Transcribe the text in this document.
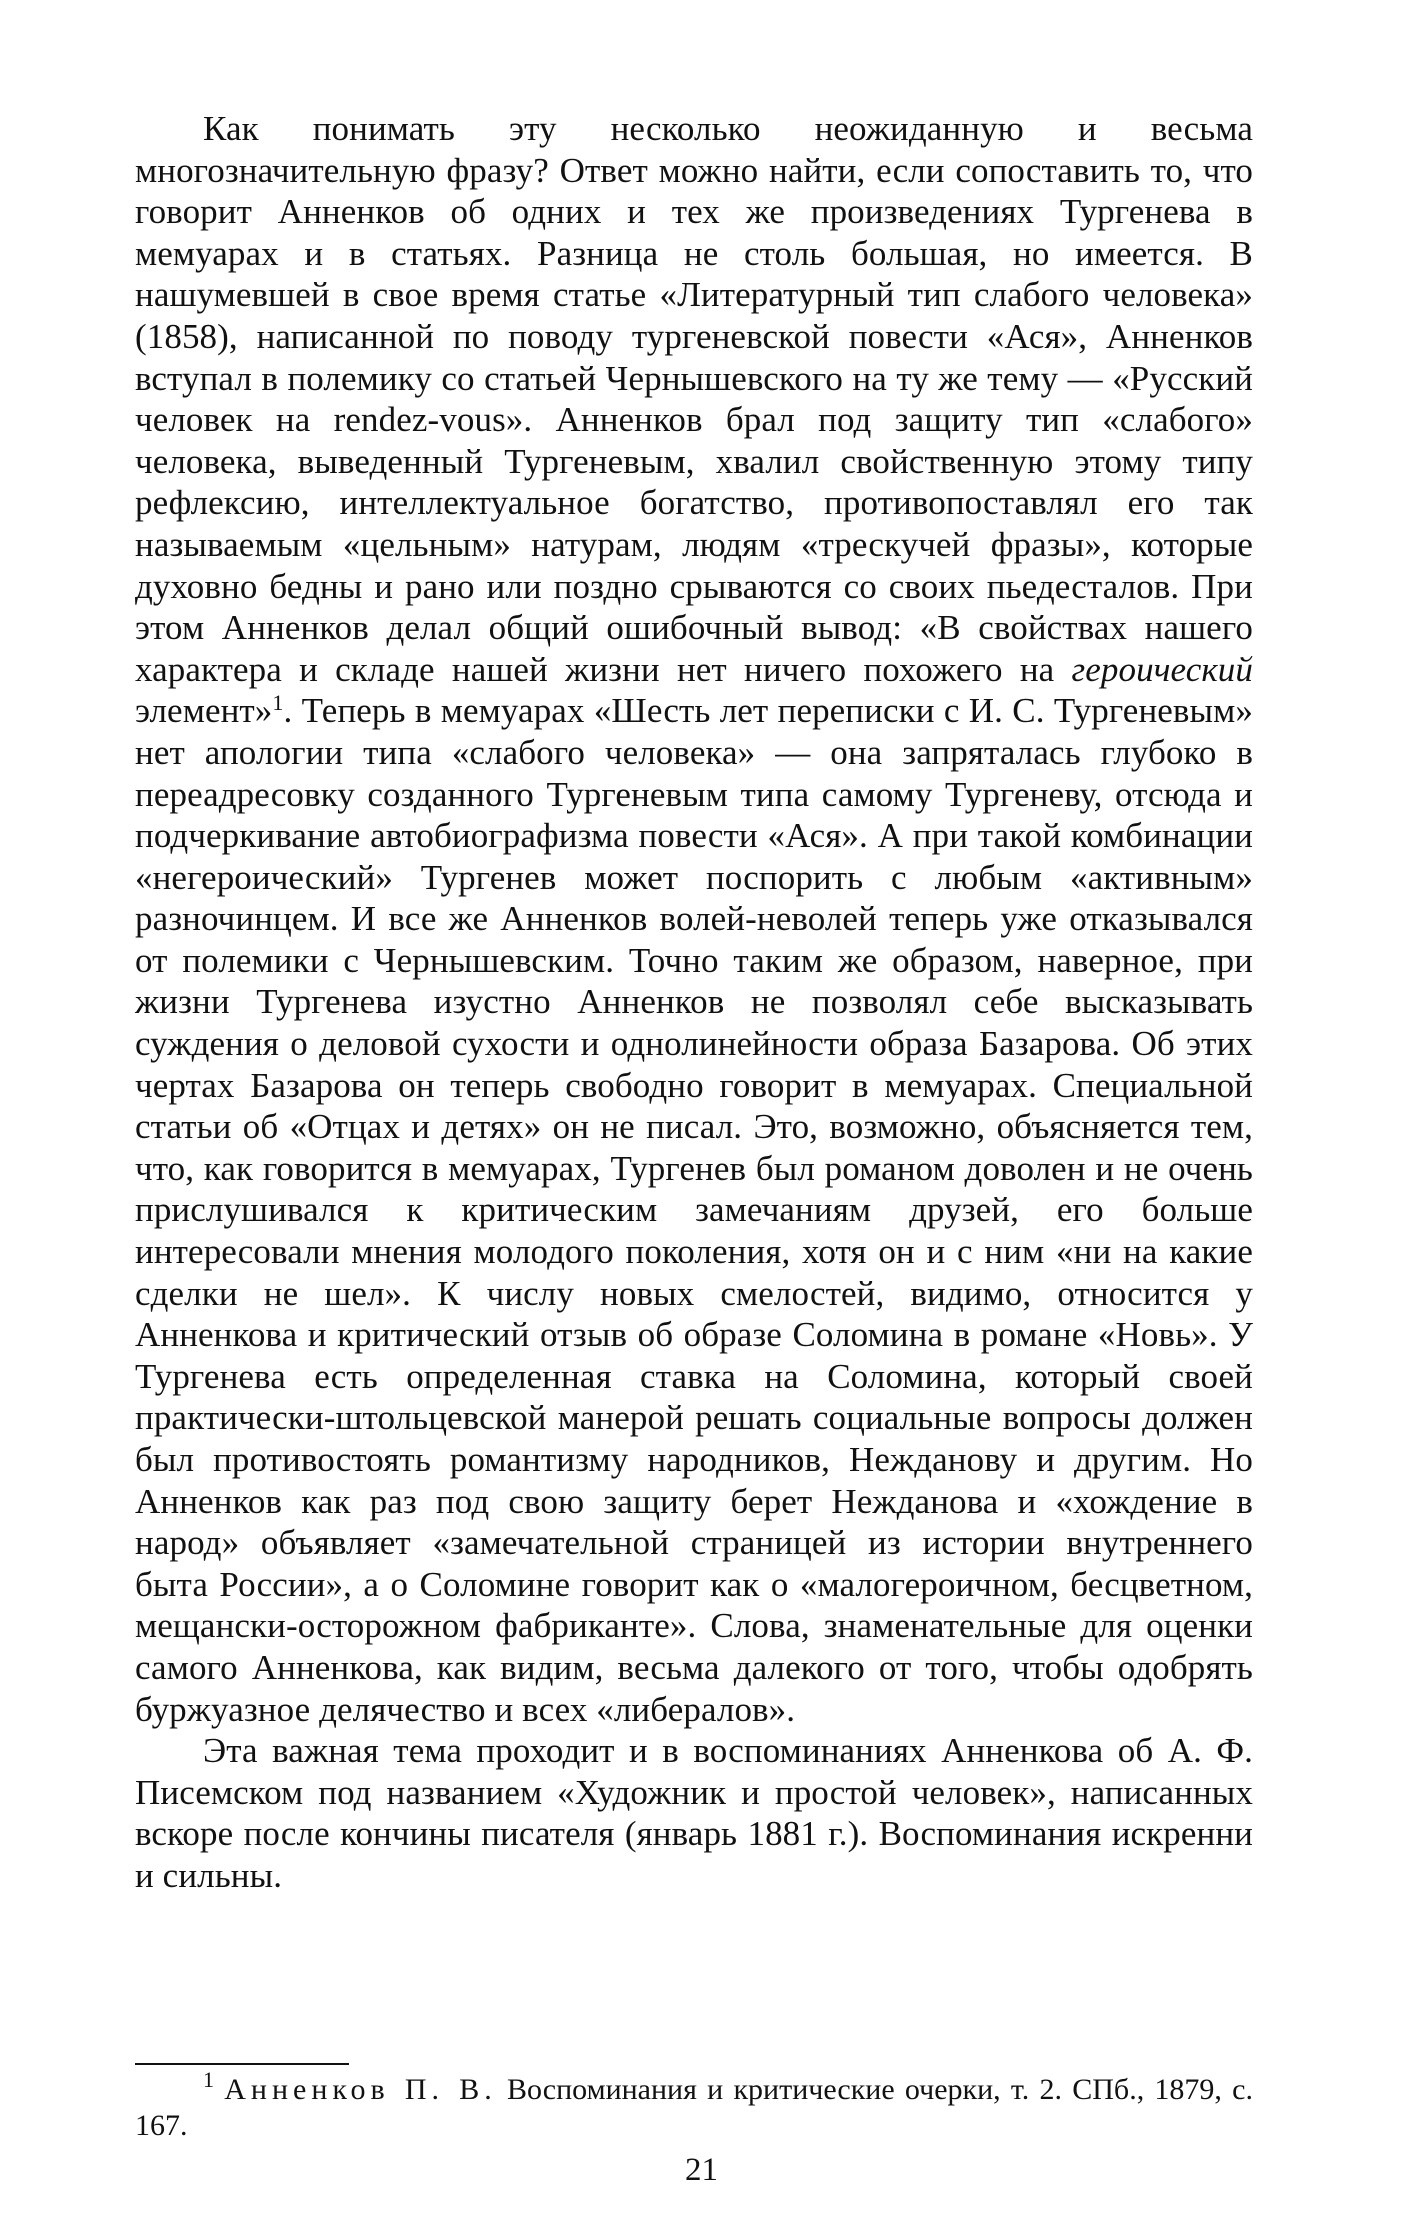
Как понимать эту несколько неожиданную и весьма многозначительную фразу? Ответ можно найти, если сопоставить то, что говорит Анненков об одних и тех же произведениях Тургенева в мемуарах и в статьях. Разница не столь большая, но имеется. В нашумевшей в свое время статье «Литературный тип слабого человека» (1858), написанной по поводу тургеневской повести «Ася», Анненков вступал в полемику со статьей Чернышевского на ту же тему — «Русский человек на rendez-vous». Анненков брал под защиту тип «слабого» человека, выведенный Тургеневым, хвалил свойственную этому типу рефлексию, интеллектуальное богатство, противопоставлял его так называемым «цельным» натурам, людям «трескучей фразы», которые духовно бедны и рано или поздно срываются со своих пьедесталов. При этом Анненков делал общий ошибочный вывод: «В свойствах нашего характера и складе нашей жизни нет ничего похожего на героический элемент»$^1$. Теперь в мемуарах «Шесть лет переписки с И. С. Тургеневым» нет апологии типа «слабого человека» — она запряталась глубоко в переадресовку созданного Тургеневым типа самому Тургеневу, отсюда и подчеркивание автобиографизма повести «Ася». А при такой комбинации «негероический» Тургенев может поспорить с любым «активным» разночинцем. И все же Анненков волей-неволей теперь уже отказывался от полемики с Чернышевским. Точно таким же образом, наверное, при жизни Тургенева изустно Анненков не позволял себе высказывать суждения о деловой сухости и однолинейности образа Базарова. Об этих чертах Базарова он теперь свободно говорит в мемуарах. Специальной статьи об «Отцах и детях» он не писал. Это, возможно, объясняется тем, что, как говорится в мемуарах, Тургенев был романом доволен и не очень прислушивался к критическим замечаниям друзей, его больше интересовали мнения молодого поколения, хотя он и с ним «ни на какие сделки не шел». К числу новых смелостей, видимо, относится у Анненкова и критический отзыв об образе Соломина в романе «Новь». У Тургенева есть определенная ставка на Соломина, который своей практически-штольцевской манерой решать социальные вопросы должен был противостоять романтизму народников, Нежданову и другим. Но Анненков как раз под свою защиту берет Нежданова и «хождение в народ» объявляет «замечательной страницей из истории внутреннего быта России», а о Соломине говорит как о «малогероичном, бесцветном, мещански-осторожном фабриканте». Слова, знаменательные для оценки самого Анненкова, как видим, весьма далекого от того, чтобы одобрять буржуазное делячество и всех «либералов».

Эта важная тема проходит и в воспоминаниях Анненкова об А. Ф. Писемском под названием «Художник и простой человек», написанных вскоре после кончины писателя (январь 1881 г.). Воспоминания искренни и сильны.

$^1$ Анненков П. В. Воспоминания и критические очерки, т. 2. СПб., 1879, с. 167.

21
